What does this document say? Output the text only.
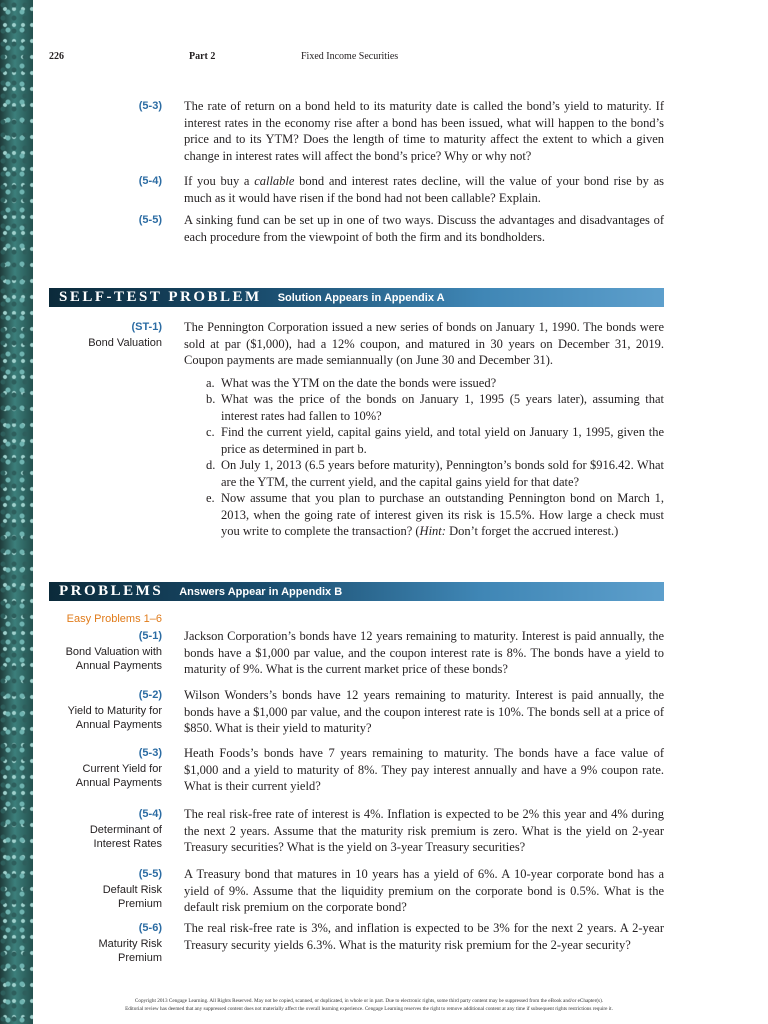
226	Part 2	Fixed Income Securities
(5-3) The rate of return on a bond held to its maturity date is called the bond’s yield to maturity. If interest rates in the economy rise after a bond has been issued, what will happen to the bond’s price and to its YTM? Does the length of time to maturity affect the extent to which a given change in interest rates will affect the bond’s price? Why or why not?
(5-4) If you buy a callable bond and interest rates decline, will the value of your bond rise by as much as it would have risen if the bond had not been callable? Explain.
(5-5) A sinking fund can be set up in one of two ways. Discuss the advantages and disadvantages of each procedure from the viewpoint of both the firm and its bondholders.
SELF-TEST PROBLEM Solution Appears in Appendix A
(ST-1)
Bond Valuation
The Pennington Corporation issued a new series of bonds on January 1, 1990. The bonds were sold at par ($1,000), had a 12% coupon, and matured in 30 years on December 31, 2019. Coupon payments are made semiannually (on June 30 and December 31).
a. What was the YTM on the date the bonds were issued?
b. What was the price of the bonds on January 1, 1995 (5 years later), assuming that interest rates had fallen to 10%?
c. Find the current yield, capital gains yield, and total yield on January 1, 1995, given the price as determined in part b.
d. On July 1, 2013 (6.5 years before maturity), Pennington’s bonds sold for $916.42. What are the YTM, the current yield, and the capital gains yield for that date?
e. Now assume that you plan to purchase an outstanding Pennington bond on March 1, 2013, when the going rate of interest given its risk is 15.5%. How large a check must you write to complete the transaction? (Hint: Don’t forget the accrued interest.)
PROBLEMS Answers Appear in Appendix B
Easy Problems 1–6
(5-1)
Bond Valuation with
Annual Payments
Jackson Corporation’s bonds have 12 years remaining to maturity. Interest is paid annually, the bonds have a $1,000 par value, and the coupon interest rate is 8%. The bonds have a yield to maturity of 9%. What is the current market price of these bonds?
(5-2)
Yield to Maturity for
Annual Payments
Wilson Wonders’s bonds have 12 years remaining to maturity. Interest is paid annually, the bonds have a $1,000 par value, and the coupon interest rate is 10%. The bonds sell at a price of $850. What is their yield to maturity?
(5-3)
Current Yield for
Annual Payments
Heath Foods’s bonds have 7 years remaining to maturity. The bonds have a face value of $1,000 and a yield to maturity of 8%. They pay interest annually and have a 9% coupon rate. What is their current yield?
(5-4)
Determinant of
Interest Rates
The real risk-free rate of interest is 4%. Inflation is expected to be 2% this year and 4% during the next 2 years. Assume that the maturity risk premium is zero. What is the yield on 2-year Treasury securities? What is the yield on 3-year Treasury securities?
(5-5)
Default Risk
Premium
A Treasury bond that matures in 10 years has a yield of 6%. A 10-year corporate bond has a yield of 9%. Assume that the liquidity premium on the corporate bond is 0.5%. What is the default risk premium on the corporate bond?
(5-6)
Maturity Risk
Premium
The real risk-free rate is 3%, and inflation is expected to be 3% for the next 2 years. A 2-year Treasury security yields 6.3%. What is the maturity risk premium for the 2-year security?
Copyright 2013 Cengage Learning. All Rights Reserved. May not be copied, scanned, or duplicated, in whole or in part. Due to electronic rights, some third party content may be suppressed from the eBook and/or eChapter(s).
Editorial review has deemed that any suppressed content does not materially affect the overall learning experience. Cengage Learning reserves the right to remove additional content at any time if subsequent rights restrictions require it.
